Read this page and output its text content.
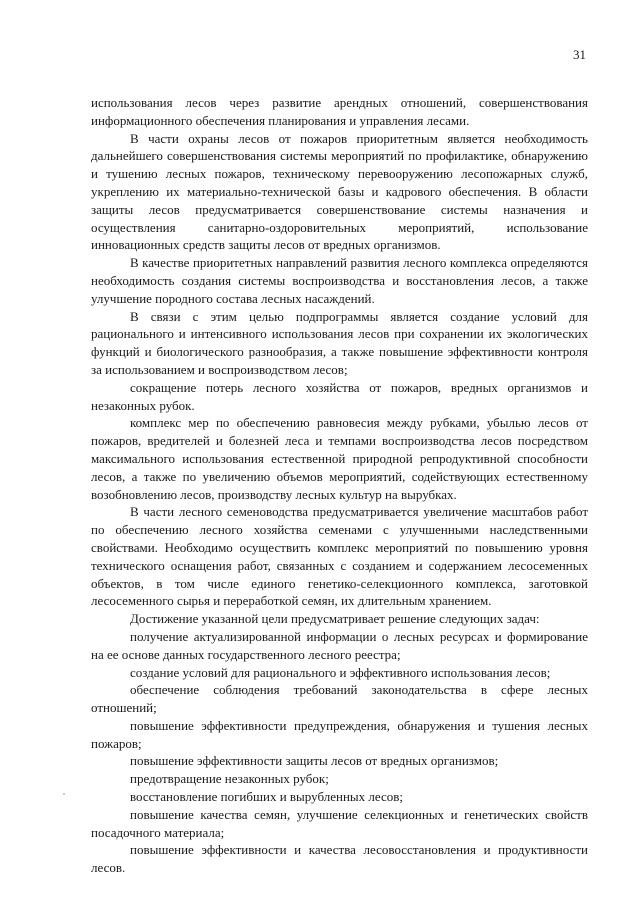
31

использования лесов через развитие арендных отношений, совершенствования информационного обеспечения планирования и управления лесами.

В части охраны лесов от пожаров приоритетным является необходимость дальнейшего совершенствования системы мероприятий по профилактике, обнаружению и тушению лесных пожаров, техническому перевооружению лесопожарных служб, укреплению их материально-технической базы и кадрового обеспечения. В области защиты лесов предусматривается совершенствование системы назначения и осуществления санитарно-оздоровительных мероприятий, использование инновационных средств защиты лесов от вредных организмов.

В качестве приоритетных направлений развития лесного комплекса определяются необходимость создания системы воспроизводства и восстановления лесов, а также улучшение породного состава лесных насаждений.

В связи с этим целью подпрограммы является создание условий для рационального и интенсивного использования лесов при сохранении их экологических функций и биологического разнообразия, а также повышение эффективности контроля за использованием и воспроизводством лесов;

сокращение потерь лесного хозяйства от пожаров, вредных организмов и незаконных рубок.

комплекс мер по обеспечению равновесия между рубками, убылью лесов от пожаров, вредителей и болезней леса и темпами воспроизводства лесов посредством максимального использования естественной природной репродуктивной способности лесов, а также по увеличению объемов мероприятий, содействующих естественному возобновлению лесов, производству лесных культур на вырубках.

В части лесного семеноводства предусматривается увеличение масштабов работ по обеспечению лесного хозяйства семенами с улучшенными наследственными свойствами. Необходимо осуществить комплекс мероприятий по повышению уровня технического оснащения работ, связанных с созданием и содержанием лесосеменных объектов, в том числе единого генетико-селекционного комплекса, заготовкой лесосеменного сырья и переработкой семян, их длительным хранением.

Достижение указанной цели предусматривает решение следующих задач:

получение актуализированной информации о лесных ресурсах и формирование на ее основе данных государственного лесного реестра;

создание условий для рационального и эффективного использования лесов;

обеспечение соблюдения требований законодательства в сфере лесных отношений;

повышение эффективности предупреждения, обнаружения и тушения лесных пожаров;

повышение эффективности защиты лесов от вредных организмов;

предотвращение незаконных рубок;

восстановление погибших и вырубленных лесов;

повышение качества семян, улучшение селекционных и генетических свойств посадочного материала;

повышение эффективности и качества лесовосстановления и продуктивности лесов.
